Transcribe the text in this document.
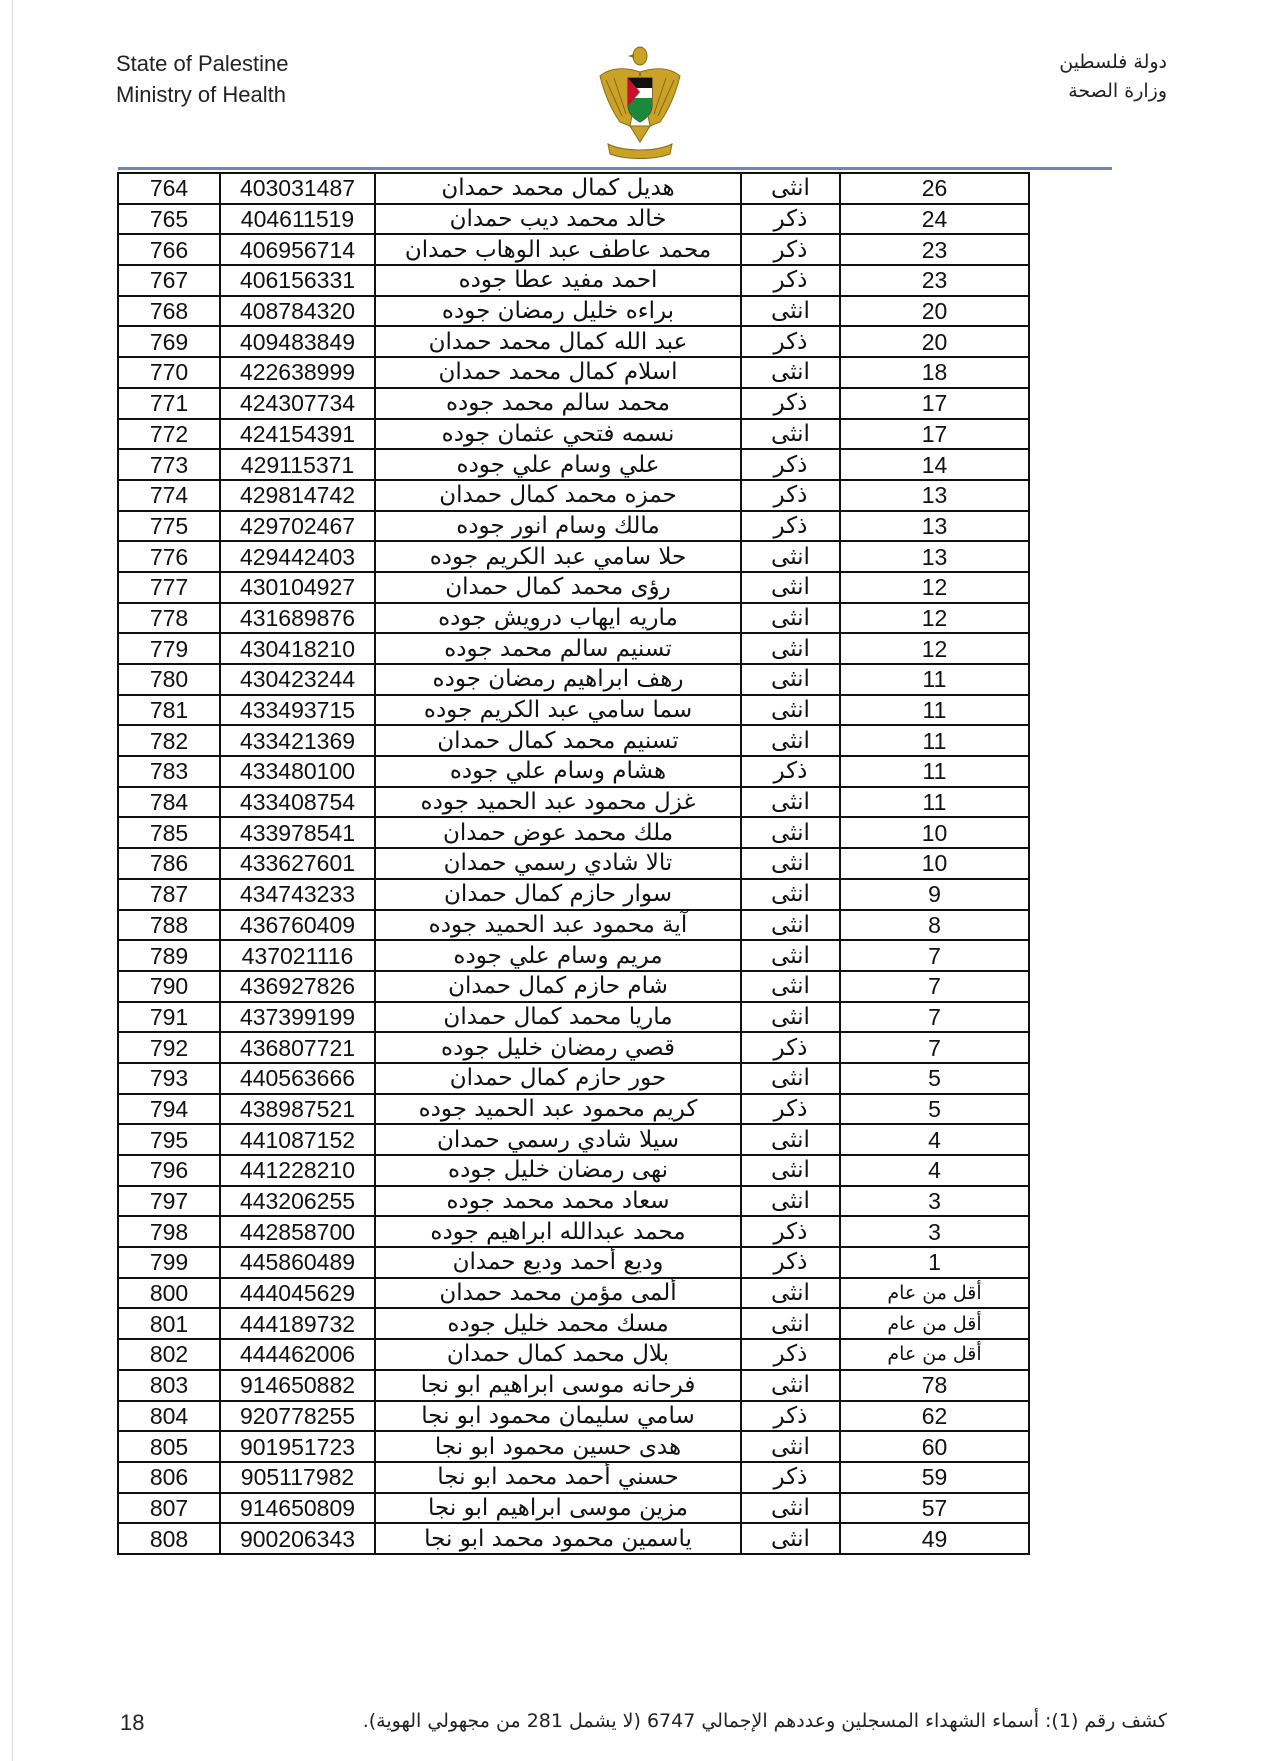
State of Palestine
Ministry of Health
دولة فلسطين
وزارة الصحة
764	403031487	هديل كمال محمد حمدان	انثى	26
765	404611519	خالد محمد ديب حمدان	ذكر	24
766	406956714	محمد عاطف عبد الوهاب حمدان	ذكر	23
767	406156331	احمد مفيد عطا جوده	ذكر	23
768	408784320	براءه خليل رمضان جوده	انثى	20
769	409483849	عبد الله كمال محمد حمدان	ذكر	20
770	422638999	اسلام كمال محمد حمدان	انثى	18
771	424307734	محمد سالم محمد جوده	ذكر	17
772	424154391	نسمه فتحي عثمان جوده	انثى	17
773	429115371	علي وسام علي جوده	ذكر	14
774	429814742	حمزه محمد كمال حمدان	ذكر	13
775	429702467	مالك وسام انور جوده	ذكر	13
776	429442403	حلا سامي عبد الكريم جوده	انثى	13
777	430104927	رؤى محمد كمال حمدان	انثى	12
778	431689876	ماريه ايهاب درويش جوده	انثى	12
779	430418210	تسنيم سالم محمد جوده	انثى	12
780	430423244	رهف ابراهيم رمضان جوده	انثى	11
781	433493715	سما سامي عبد الكريم جوده	انثى	11
782	433421369	تسنيم محمد كمال حمدان	انثى	11
783	433480100	هشام وسام علي جوده	ذكر	11
784	433408754	غزل محمود عبد الحميد جوده	انثى	11
785	433978541	ملك محمد عوض حمدان	انثى	10
786	433627601	تالا شادي رسمي حمدان	انثى	10
787	434743233	سوار حازم كمال حمدان	انثى	9
788	436760409	آية محمود عبد الحميد جوده	انثى	8
789	437021116	مريم وسام علي جوده	انثى	7
790	436927826	شام حازم كمال حمدان	انثى	7
791	437399199	ماريا محمد كمال حمدان	انثى	7
792	436807721	قصي رمضان خليل جوده	ذكر	7
793	440563666	حور حازم كمال حمدان	انثى	5
794	438987521	كريم محمود عبد الحميد جوده	ذكر	5
795	441087152	سيلا شادي رسمي حمدان	انثى	4
796	441228210	نهى رمضان خليل جوده	انثى	4
797	443206255	سعاد محمد محمد جوده	انثى	3
798	442858700	محمد عبدالله ابراهيم جوده	ذكر	3
799	445860489	وديع أحمد وديع حمدان	ذكر	1
800	444045629	ألمى مؤمن محمد حمدان	انثى	أقل من عام
801	444189732	مسك محمد خليل جوده	انثى	أقل من عام
802	444462006	بلال محمد كمال حمدان	ذكر	أقل من عام
803	914650882	فرحانه موسى ابراهيم ابو نجا	انثى	78
804	920778255	سامي سليمان محمود ابو نجا	ذكر	62
805	901951723	هدى حسين محمود ابو نجا	انثى	60
806	905117982	حسني أحمد محمد ابو نجا	ذكر	59
807	914650809	مزين موسى ابراهيم ابو نجا	انثى	57
808	900206343	ياسمين محمود محمد ابو نجا	انثى	49
18	كشف رقم (1): أسماء الشهداء المسجلين وعددهم الإجمالي 6747 (لا يشمل 281 من مجهولي الهوية).
